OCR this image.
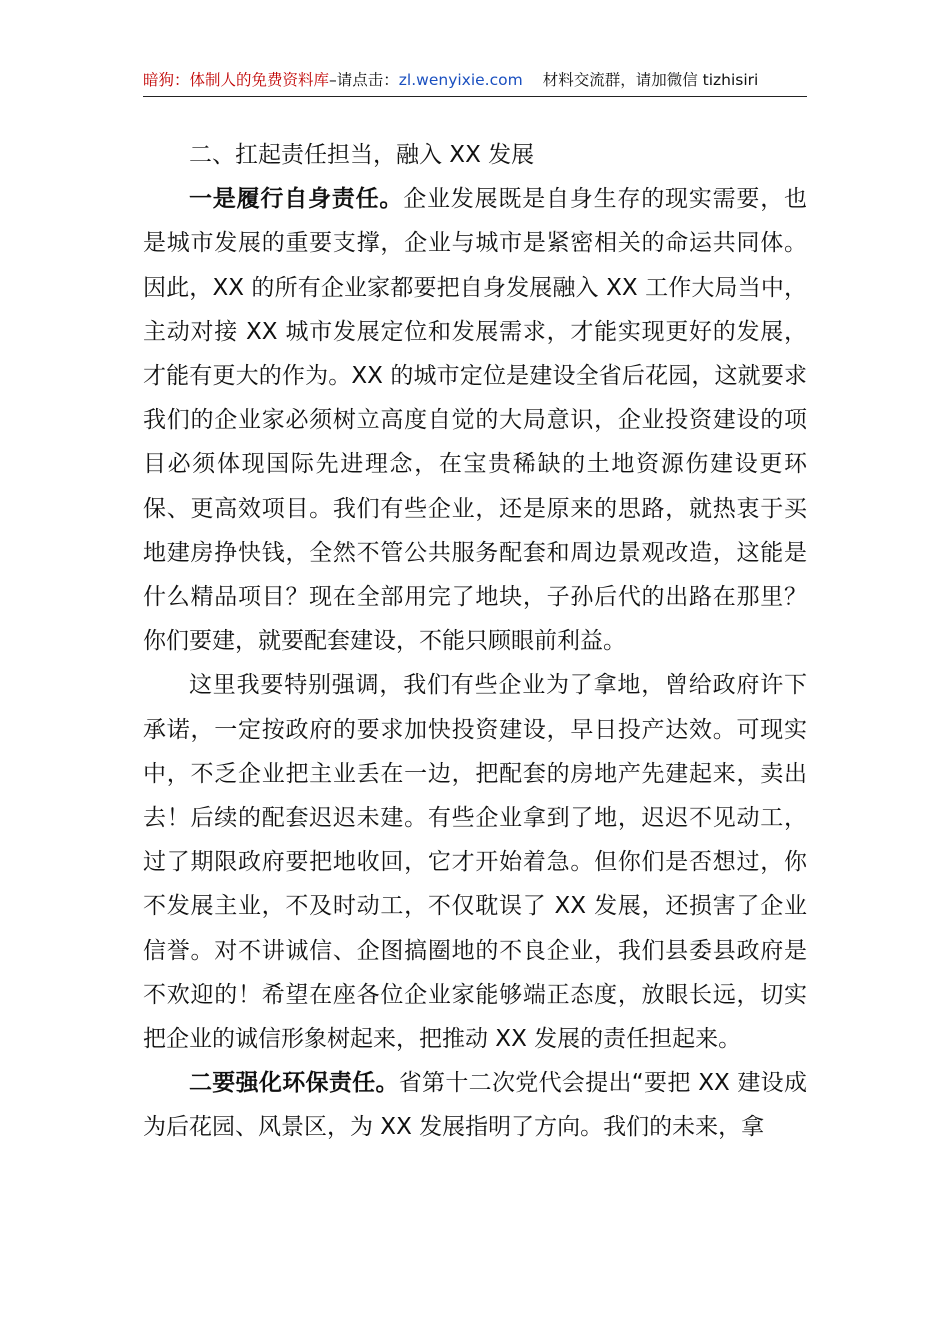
暗狗：体制人的免费资料库–请点击：zl.wenyixie.com 材料交流群，请加微信 tizhisiri

二、扛起责任担当，融入 XX 发展

一是履行自身责任。企业发展既是自身生存的现实需要，也是城市发展的重要支撑，企业与城市是紧密相关的命运共同体。因此，XX 的所有企业家都要把自身发展融入 XX 工作大局当中，主动对接 XX 城市发展定位和发展需求，才能实现更好的发展，才能有更大的作为。XX 的城市定位是建设全省后花园，这就要求我们的企业家必须树立高度自觉的大局意识，企业投资建设的项目必须体现国际先进理念，在宝贵稀缺的土地资源伤建设更环保、更高效项目。我们有些企业，还是原来的思路，就热衷于买地建房挣快钱，全然不管公共服务配套和周边景观改造，这能是什么精品项目？现在全部用完了地块，子孙后代的出路在那里？你们要建，就要配套建设，不能只顾眼前利益。

这里我要特别强调，我们有些企业为了拿地，曾给政府许下承诺，一定按政府的要求加快投资建设，早日投产达效。可现实中，不乏企业把主业丢在一边，把配套的房地产先建起来，卖出去！后续的配套迟迟未建。有些企业拿到了地，迟迟不见动工，过了期限政府要把地收回，它才开始着急。但你们是否想过，你不发展主业，不及时动工，不仅耽误了 XX 发展，还损害了企业信誉。对不讲诚信、企图搞圈地的不良企业，我们县委县政府是不欢迎的！希望在座各位企业家能够端正态度，放眼长远，切实把企业的诚信形象树起来，把推动 XX 发展的责任担起来。

二要强化环保责任。省第十二次党代会提出“要把 XX 建设成为后花园、风景区，为 XX 发展指明了方向。我们的未来，拿
